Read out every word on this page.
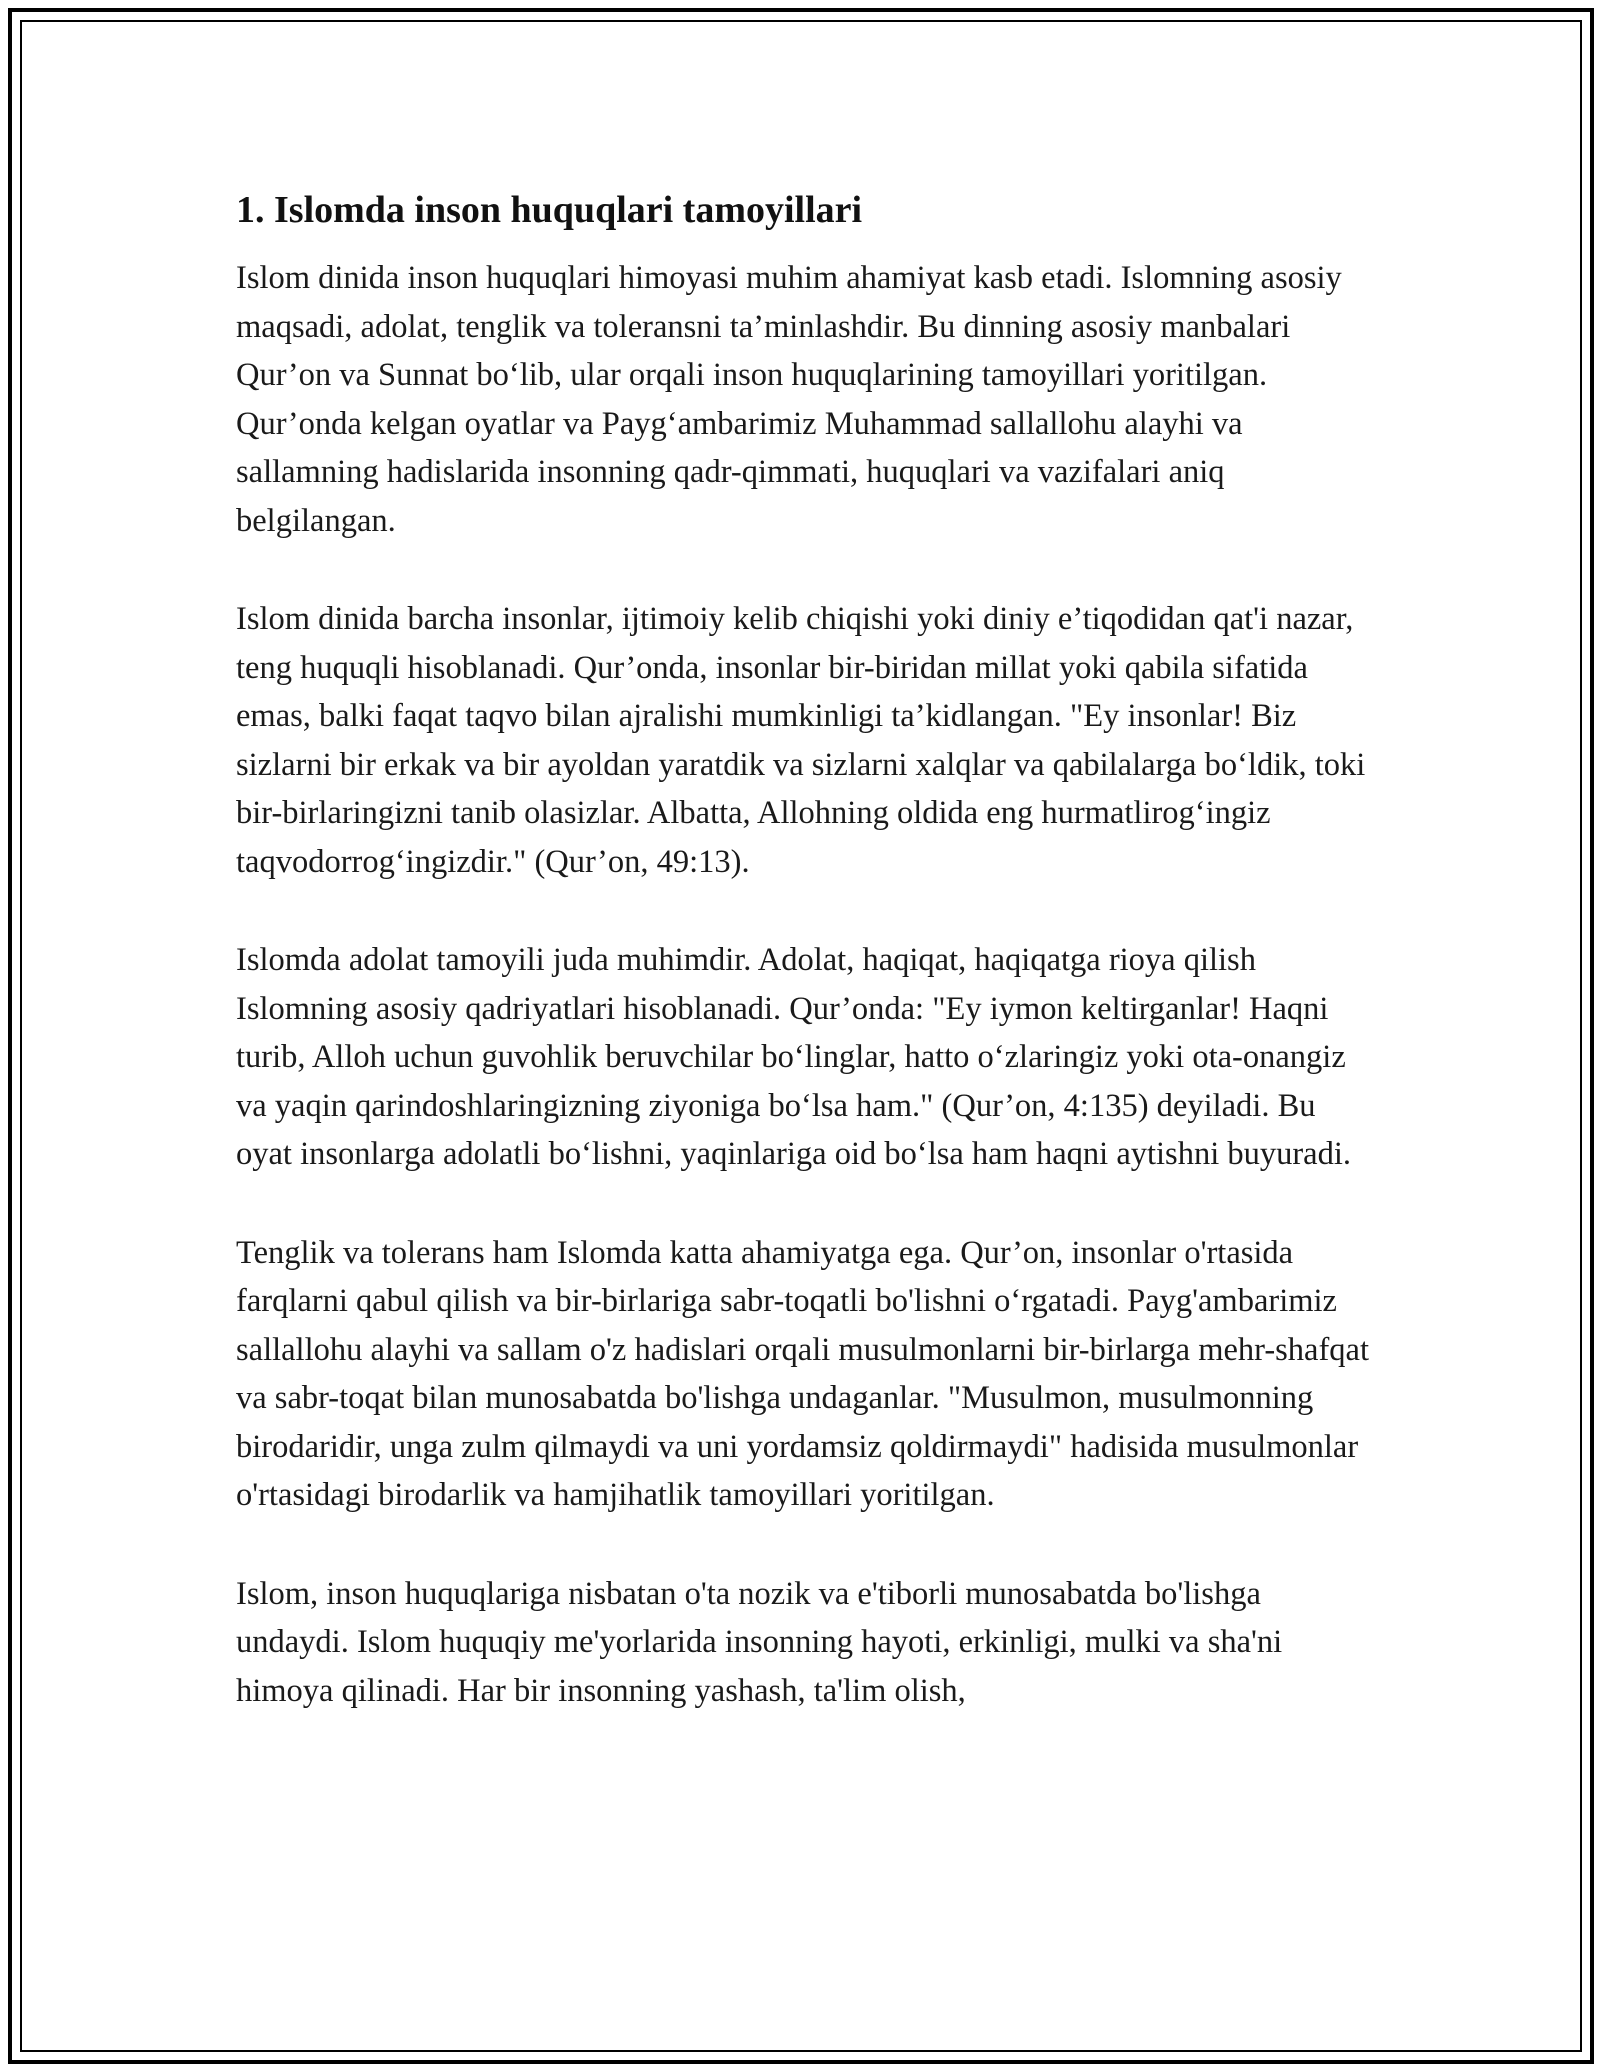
1. Islomda inson huquqlari tamoyillari

Islom dinida inson huquqlari himoyasi muhim ahamiyat kasb etadi. Islomning asosiy maqsadi, adolat, tenglik va toleransni ta’minlashdir. Bu dinning asosiy manbalari Qur’on va Sunnat bo‘lib, ular orqali inson huquqlarining tamoyillari yoritilgan. Qur’onda kelgan oyatlar va Payg‘ambarimiz Muhammad sallallohu alayhi va sallamning hadislarida insonning qadr-qimmati, huquqlari va vazifalari aniq belgilangan.

Islom dinida barcha insonlar, ijtimoiy kelib chiqishi yoki diniy e’tiqodidan qat'i nazar, teng huquqli hisoblanadi. Qur’onda, insonlar bir-biridan millat yoki qabila sifatida emas, balki faqat taqvo bilan ajralishi mumkinligi ta’kidlangan. "Ey insonlar! Biz sizlarni bir erkak va bir ayoldan yaratdik va sizlarni xalqlar va qabilalarga bo‘ldik, toki bir-birlaringizni tanib olasizlar. Albatta, Allohning oldida eng hurmatlirog‘ingiz taqvodorrog‘ingizdir." (Qur’on, 49:13).

Islomda adolat tamoyili juda muhimdir. Adolat, haqiqat, haqiqatga rioya qilish Islomning asosiy qadriyatlari hisoblanadi. Qur’onda: "Ey iymon keltirganlar! Haqni turib, Alloh uchun guvohlik beruvchilar bo‘linglar, hatto o‘zlaringiz yoki ota-onangiz va yaqin qarindoshlaringizning ziyoniga bo‘lsa ham." (Qur’on, 4:135) deyiladi. Bu oyat insonlarga adolatli bo‘lishni, yaqinlariga oid bo‘lsa ham haqni aytishni buyuradi.

Tenglik va tolerans ham Islomda katta ahamiyatga ega. Qur’on, insonlar o'rtasida farqlarni qabul qilish va bir-birlariga sabr-toqatli bo'lishni o‘rgatadi. Payg'ambarimiz sallallohu alayhi va sallam o'z hadislari orqali musulmonlarni bir-birlarga mehr-shafqat va sabr-toqat bilan munosabatda bo'lishga undaganlar. "Musulmon, musulmonning birodaridir, unga zulm qilmaydi va uni yordamsiz qoldirmaydi" hadisida musulmonlar o'rtasidagi birodarlik va hamjihatlik tamoyillari yoritilgan.

Islom, inson huquqlariga nisbatan o'ta nozik va e'tiborli munosabatda bo'lishga undaydi. Islom huquqiy me'yorlarida insonning hayoti, erkinligi, mulki va sha'ni himoya qilinadi. Har bir insonning yashash, ta'lim olish,
